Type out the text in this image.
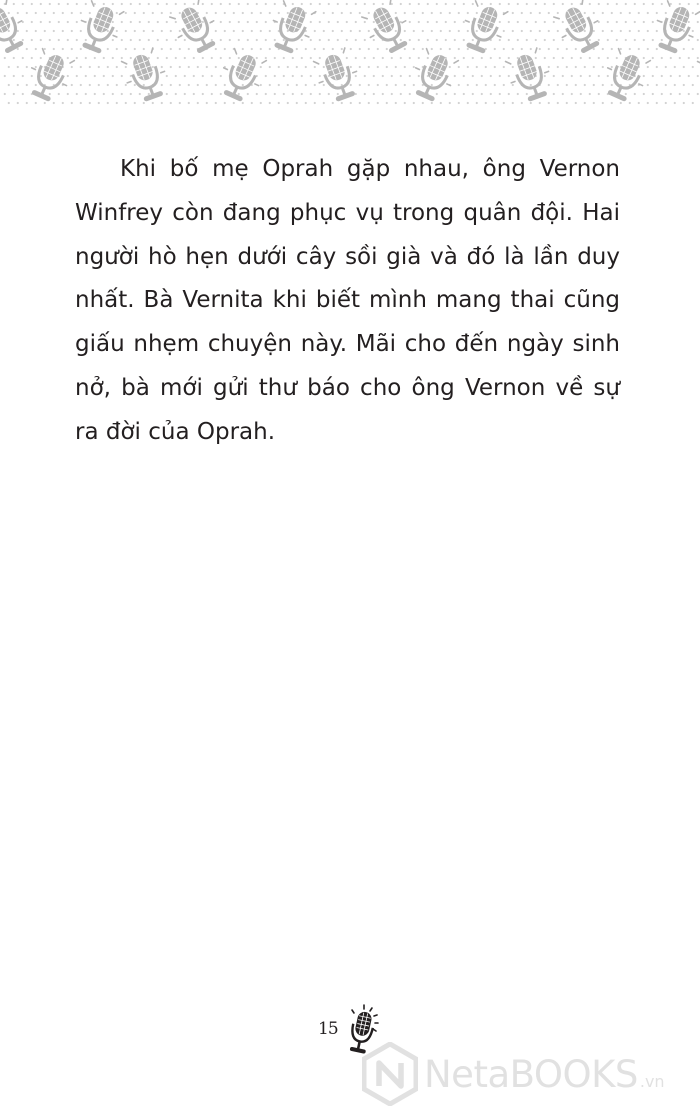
Khi bố mẹ Oprah gặp nhau, ông Vernon Winfrey còn đang phục vụ trong quân đội. Hai người hò hẹn dưới cây sồi già và đó là lần duy nhất. Bà Vernita khi biết mình mang thai cũng giấu nhẹm chuyện này. Mãi cho đến ngày sinh nở, bà mới gửi thư báo cho ông Vernon về sự ra đời của Oprah.

15
NetaBOOKS .vn
